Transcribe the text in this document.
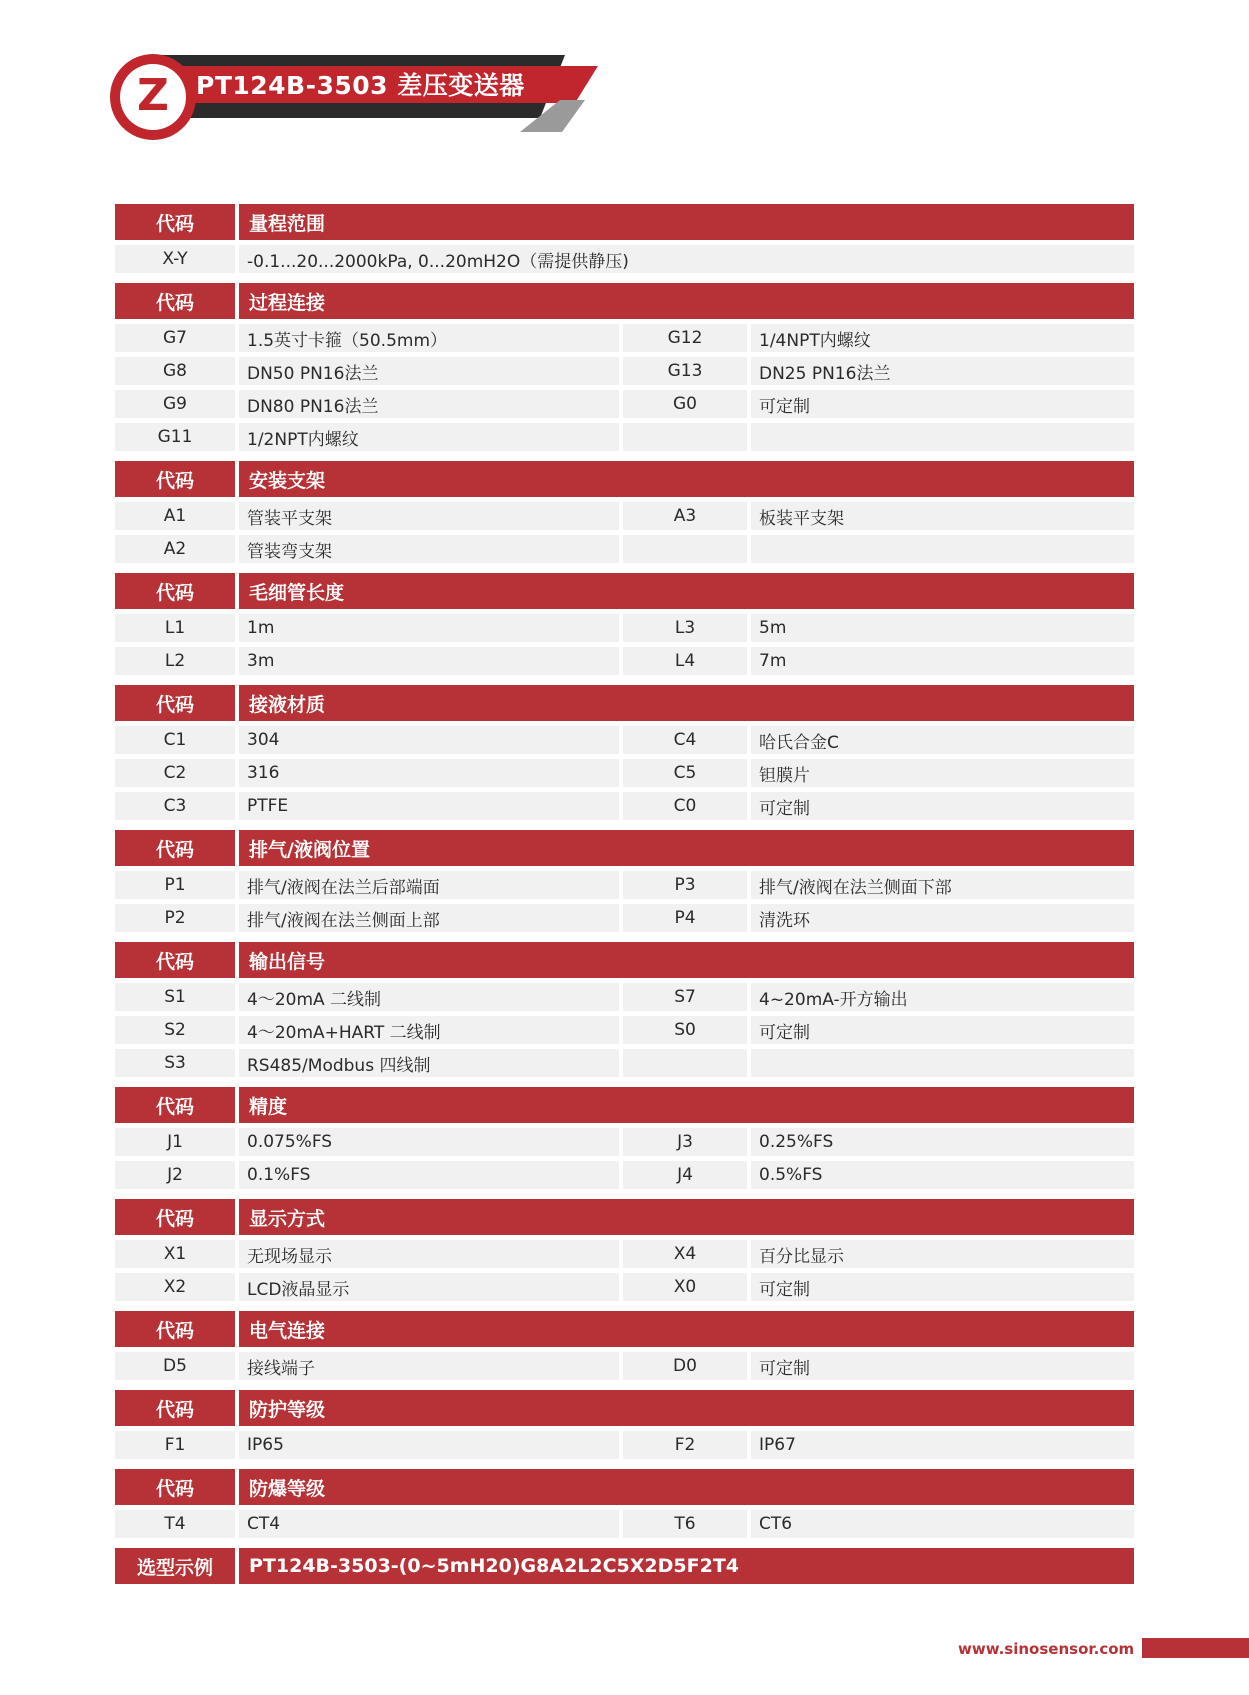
Z PT124B-3503 差压变送器
代码	量程范围
X-Y	-0.1...20...2000kPa, 0...20mH2O（需提供静压)
代码	过程连接
G7	1.5英寸卡箍（50.5mm）	G12	1/4NPT内螺纹
G8	DN50 PN16法兰	G13	DN25 PN16法兰
G9	DN80 PN16法兰	G0	可定制
G11	1/2NPT内螺纹
代码	安装支架
A1	管装平支架	A3	板装平支架
A2	管装弯支架
代码	毛细管长度
L1	1m	L3	5m
L2	3m	L4	7m
代码	接液材质
C1	304	C4	哈氏合金C
C2	316	C5	钽膜片
C3	PTFE	C0	可定制
代码	排气/液阀位置
P1	排气/液阀在法兰后部端面	P3	排气/液阀在法兰侧面下部
P2	排气/液阀在法兰侧面上部	P4	清洗环
代码	输出信号
S1	4～20mA 二线制	S7	4~20mA-开方输出
S2	4～20mA+HART 二线制	S0	可定制
S3	RS485/Modbus 四线制
代码	精度
J1	0.075%FS	J3	0.25%FS
J2	0.1%FS	J4	0.5%FS
代码	显示方式
X1	无现场显示	X4	百分比显示
X2	LCD液晶显示	X0	可定制
代码	电气连接
D5	接线端子	D0	可定制
代码	防护等级
F1	IP65	F2	IP67
代码	防爆等级
T4	CT4	T6	CT6
选型示例	PT124B-3503-(0~5mH20)G8A2L2C5X2D5F2T4
www.sinosensor.com
